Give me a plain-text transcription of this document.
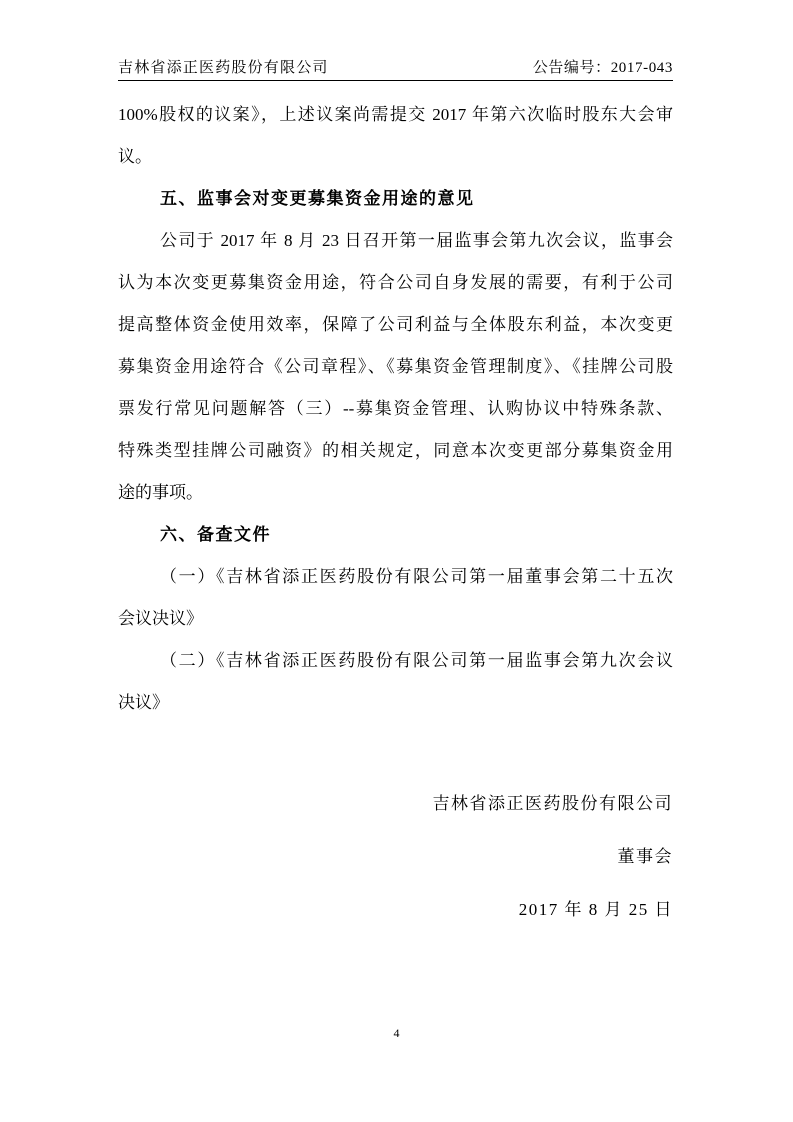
吉林省添正医药股份有限公司	公告编号：2017-043
100%股权的议案》，上述议案尚需提交 2017 年第六次临时股东大会审
议。
五、监事会对变更募集资金用途的意见
公司于 2017 年 8 月 23 日召开第一届监事会第九次会议，监事会
认为本次变更募集资金用途，符合公司自身发展的需要，有利于公司
提高整体资金使用效率，保障了公司利益与全体股东利益，本次变更
募集资金用途符合《公司章程》、《募集资金管理制度》、《挂牌公司股
票发行常见问题解答（三）--募集资金管理、认购协议中特殊条款、
特殊类型挂牌公司融资》的相关规定，同意本次变更部分募集资金用
途的事项。
六、备查文件
（一）《吉林省添正医药股份有限公司第一届董事会第二十五次
会议决议》
（二）《吉林省添正医药股份有限公司第一届监事会第九次会议
决议》
吉林省添正医药股份有限公司
董事会
2017 年 8 月 25 日
4
